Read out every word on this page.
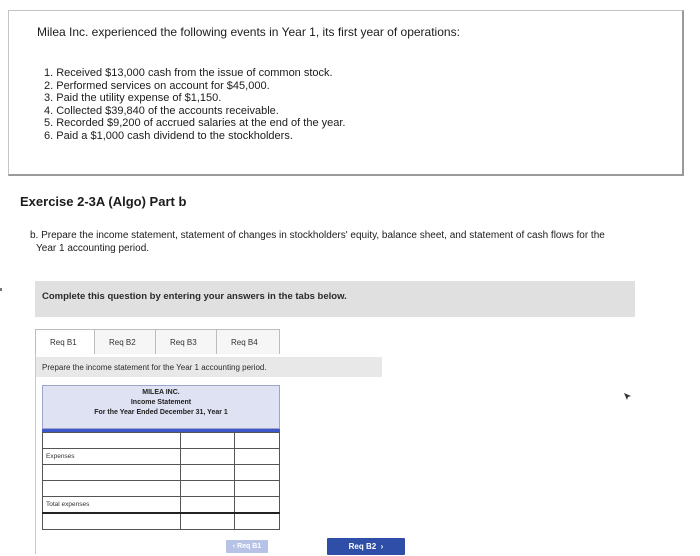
Milea Inc. experienced the following events in Year 1, its first year of operations:

1. Received $13,000 cash from the issue of common stock.
2. Performed services on account for $45,000.
3. Paid the utility expense of $1,150.
4. Collected $39,840 of the accounts receivable.
5. Recorded $9,200 of accrued salaries at the end of the year.
6. Paid a $1,000 cash dividend to the stockholders.
Exercise 2-3A (Algo) Part b

b. Prepare the income statement, statement of changes in stockholders' equity, balance sheet, and statement of cash flows for the
Year 1 accounting period.

Complete this question by entering your answers in the tabs below.
Req B1	Req B2	Req B3	Req B4
Prepare the income statement for the Year 1 accounting period.
MILEA INC.
Income Statement
For the Year Ended December 31, Year 1

Expenses		

Total expenses		

‹ Req B1	Req B2 ›
